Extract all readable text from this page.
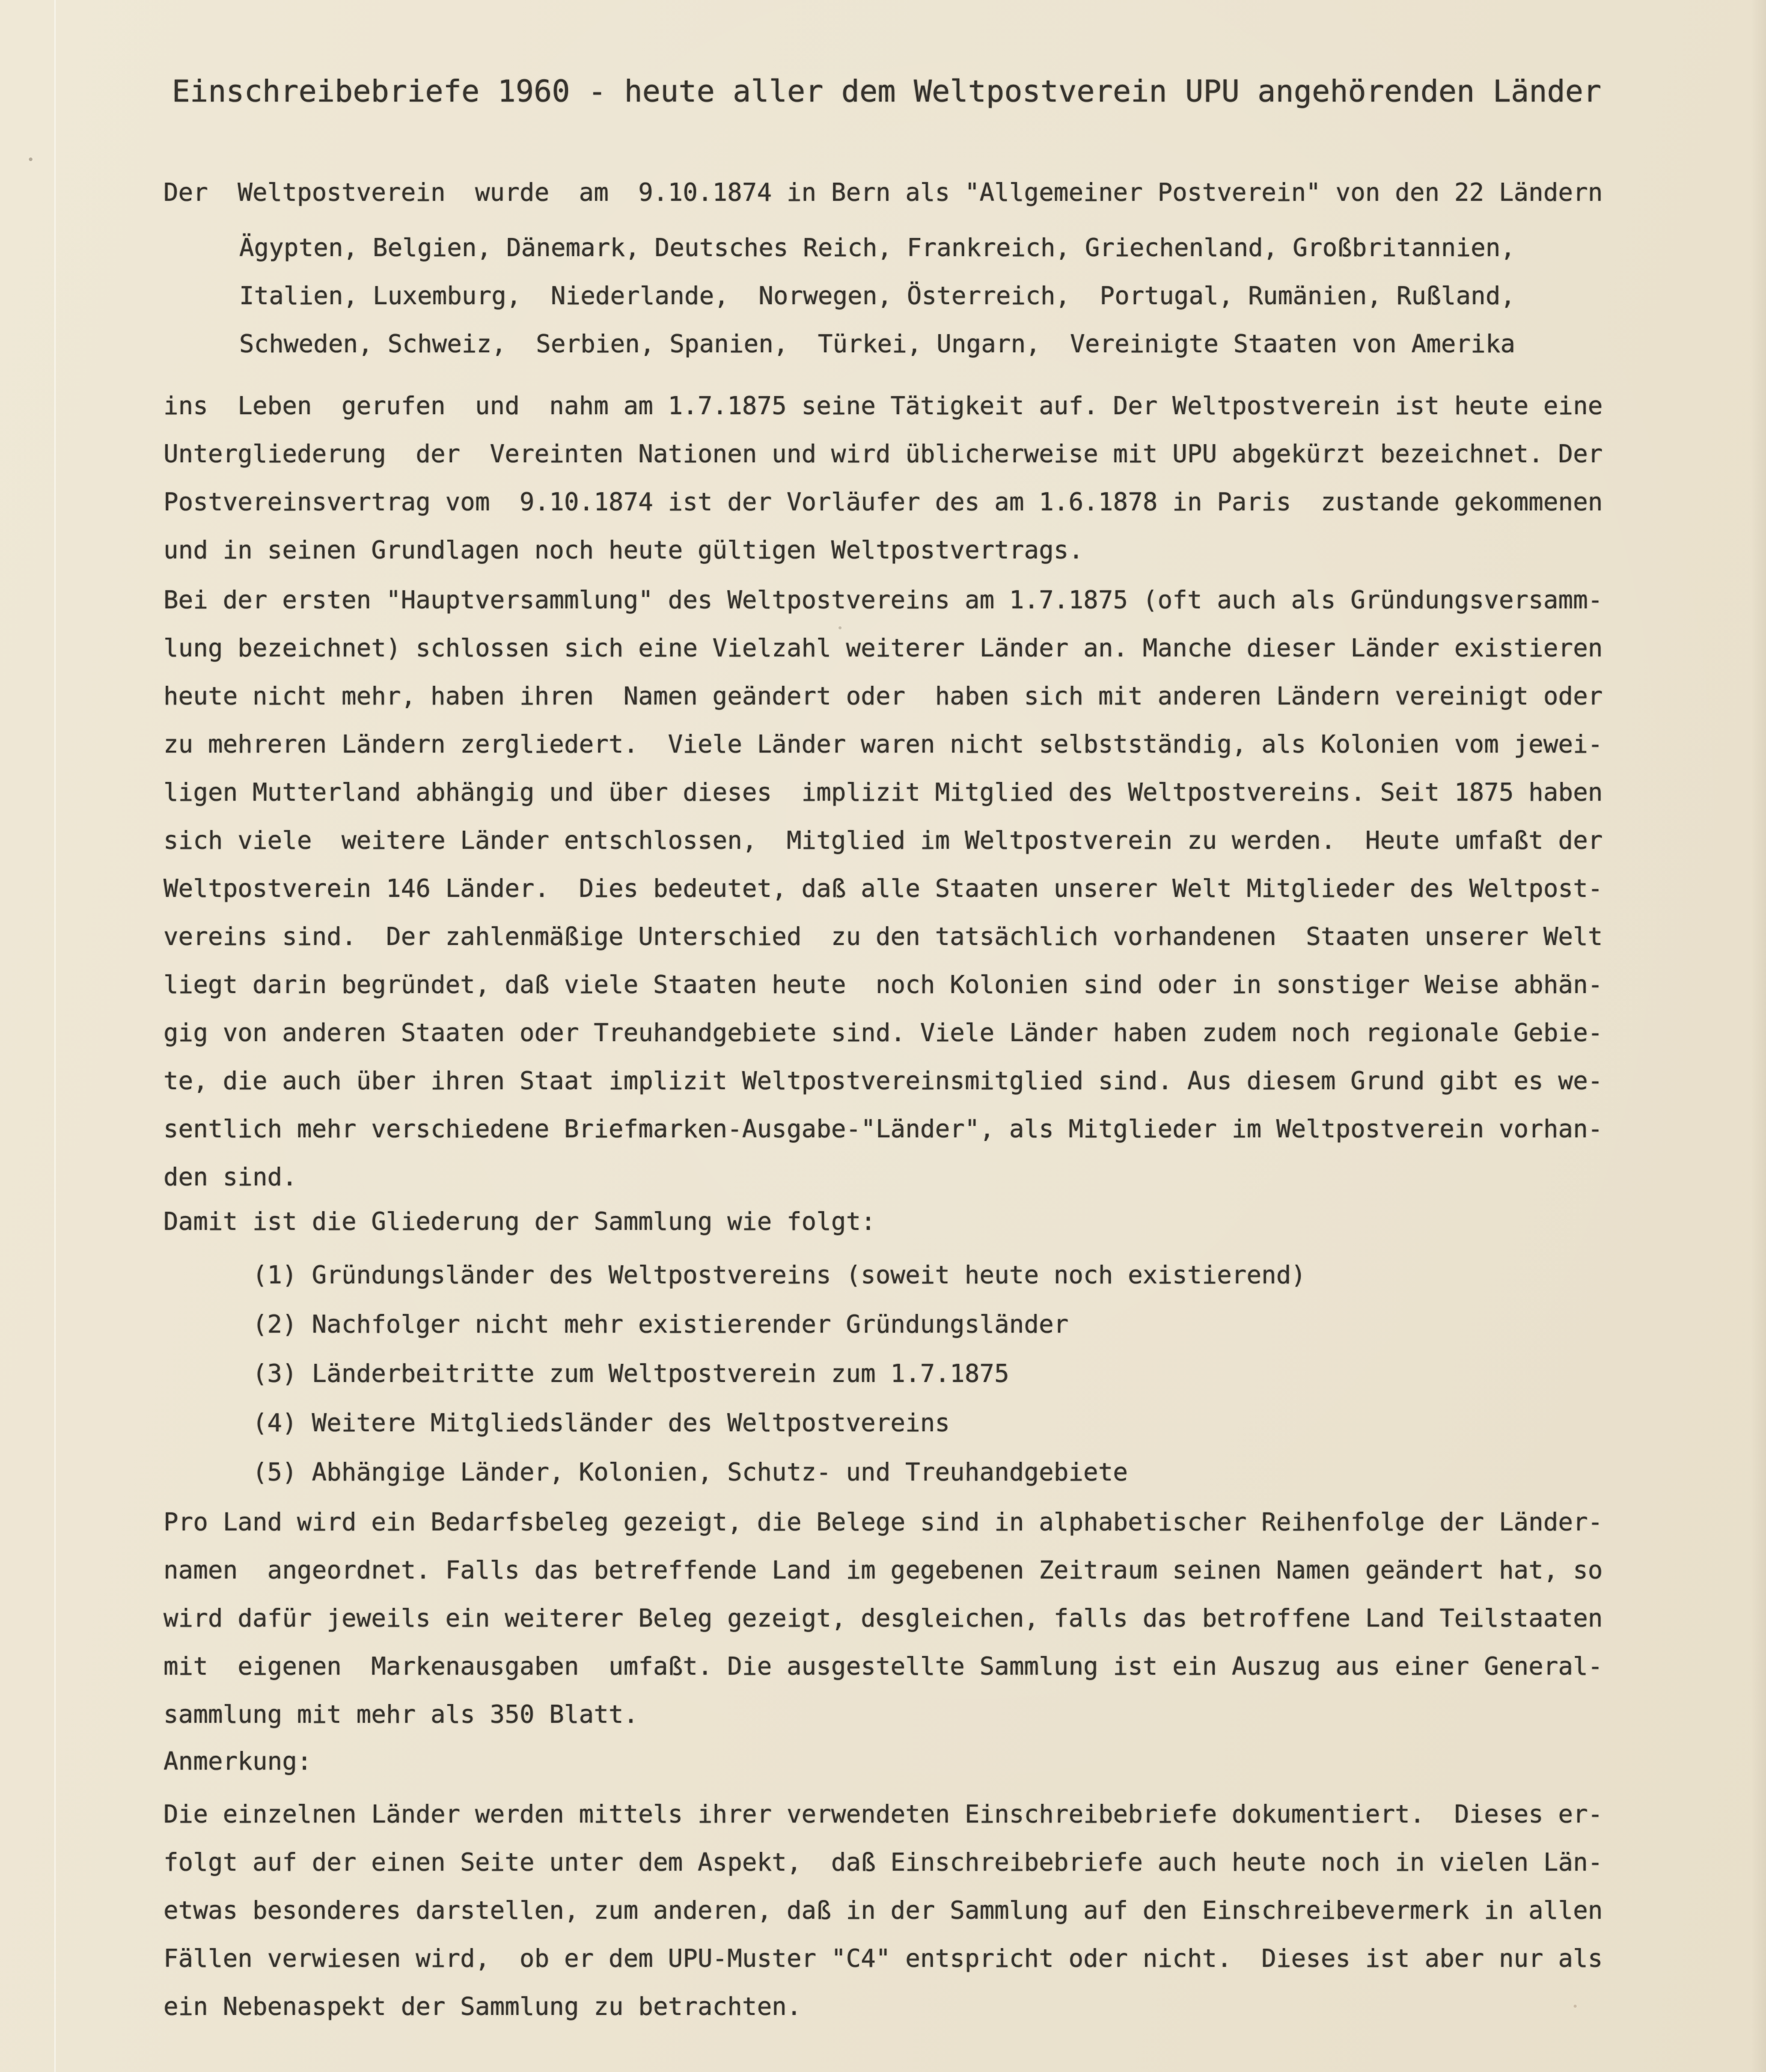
Einschreibebriefe 1960 - heute aller dem Weltpostverein UPU angehörenden Länder
Der  Weltpostverein  wurde  am  9.10.1874 in Bern als "Allgemeiner Postverein" von den 22 Ländern
Ägypten, Belgien, Dänemark, Deutsches Reich, Frankreich, Griechenland, Großbritannien,
Italien, Luxemburg,  Niederlande,  Norwegen, Österreich,  Portugal, Rumänien, Rußland,
Schweden, Schweiz,  Serbien, Spanien,  Türkei, Ungarn,  Vereinigte Staaten von Amerika
ins  Leben  gerufen  und  nahm am 1.7.1875 seine Tätigkeit auf. Der Weltpostverein ist heute eine
Untergliederung  der  Vereinten Nationen und wird üblicherweise mit UPU abgekürzt bezeichnet. Der
Postvereinsvertrag vom  9.10.1874 ist der Vorläufer des am 1.6.1878 in Paris  zustande gekommenen
und in seinen Grundlagen noch heute gültigen Weltpostvertrags.
Bei der ersten "Hauptversammlung" des Weltpostvereins am 1.7.1875 (oft auch als Gründungsversamm-
lung bezeichnet) schlossen sich eine Vielzahl weiterer Länder an. Manche dieser Länder existieren
heute nicht mehr, haben ihren  Namen geändert oder  haben sich mit anderen Ländern vereinigt oder
zu mehreren Ländern zergliedert.  Viele Länder waren nicht selbstständig, als Kolonien vom jewei-
ligen Mutterland abhängig und über dieses  implizit Mitglied des Weltpostvereins. Seit 1875 haben
sich viele  weitere Länder entschlossen,  Mitglied im Weltpostverein zu werden.  Heute umfaßt der
Weltpostverein 146 Länder.  Dies bedeutet, daß alle Staaten unserer Welt Mitglieder des Weltpost-
vereins sind.  Der zahlenmäßige Unterschied  zu den tatsächlich vorhandenen  Staaten unserer Welt
liegt darin begründet, daß viele Staaten heute  noch Kolonien sind oder in sonstiger Weise abhän-
gig von anderen Staaten oder Treuhandgebiete sind. Viele Länder haben zudem noch regionale Gebie-
te, die auch über ihren Staat implizit Weltpostvereinsmitglied sind. Aus diesem Grund gibt es we-
sentlich mehr verschiedene Briefmarken-Ausgabe-"Länder", als Mitglieder im Weltpostverein vorhan-
den sind.
Damit ist die Gliederung der Sammlung wie folgt:
(1) Gründungsländer des Weltpostvereins (soweit heute noch existierend)
(2) Nachfolger nicht mehr existierender Gründungsländer
(3) Länderbeitritte zum Weltpostverein zum 1.7.1875
(4) Weitere Mitgliedsländer des Weltpostvereins
(5) Abhängige Länder, Kolonien, Schutz- und Treuhandgebiete
Pro Land wird ein Bedarfsbeleg gezeigt, die Belege sind in alphabetischer Reihenfolge der Länder-
namen  angeordnet. Falls das betreffende Land im gegebenen Zeitraum seinen Namen geändert hat, so
wird dafür jeweils ein weiterer Beleg gezeigt, desgleichen, falls das betroffene Land Teilstaaten
mit  eigenen  Markenausgaben  umfaßt. Die ausgestellte Sammlung ist ein Auszug aus einer General-
sammlung mit mehr als 350 Blatt.
Anmerkung:
Die einzelnen Länder werden mittels ihrer verwendeten Einschreibebriefe dokumentiert.  Dieses er-
folgt auf der einen Seite unter dem Aspekt,  daß Einschreibebriefe auch heute noch in vielen Län-
etwas besonderes darstellen, zum anderen, daß in der Sammlung auf den Einschreibevermerk in allen
Fällen verwiesen wird,  ob er dem UPU-Muster "C4" entspricht oder nicht.  Dieses ist aber nur als
ein Nebenaspekt der Sammlung zu betrachten.
